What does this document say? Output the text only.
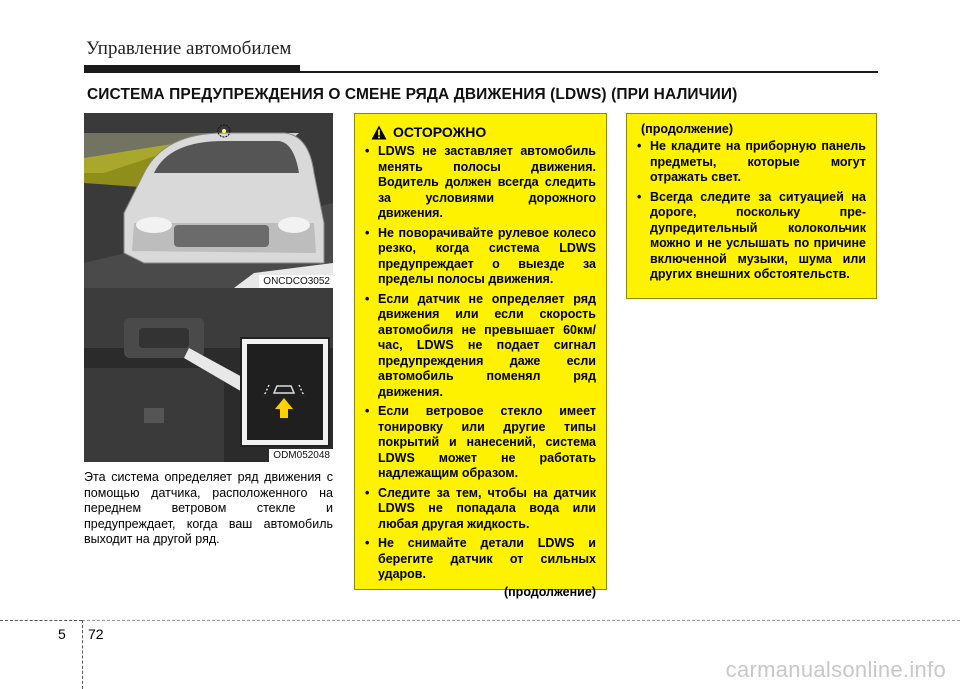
Управление автомобилем
СИСТЕМА ПРЕДУПРЕЖДЕНИЯ О СМЕНЕ РЯДА ДВИЖЕНИЯ (LDWS) (ПРИ НАЛИЧИИ)
ONCDCO3052
ODM052048
Эта система определяет ряд движения с помощью датчика, расположенного на переднем ветровом стекле и предупреждает, когда ваш автомобиль выходит на другой ряд.
ОСТОРОЖНО
• LDWS не заставляет автомобиль менять полосы движения. Водитель должен всегда следить за условиями дорожного движения.
• Не поворачивайте рулевое колесо резко, когда система LDWS предупреждает о выезде за пределы полосы движения.
• Если датчик не определяет ряд движения или если скорость автомобиля не превышает 60км/час, LDWS не подает сигнал предупреждения даже если автомобиль поменял ряд движения.
• Если ветровое стекло имеет тонировку или другие типы покрытий и нанесений, система LDWS может не работать надлежащим образом.
• Следите за тем, чтобы на датчик LDWS не попадала вода или любая другая жидкость.
• Не снимайте детали LDWS и берегите датчик от сильных ударов.
(продолжение)
(продолжение)
• Не кладите на приборную панель предметы, которые могут отражать свет.
• Всегда следите за ситуацией на дороге, поскольку пре-дупредительный колокольчик можно и не услышать по причине включенной музыки, шума или других внешних обстоятельств.
5 72
carmanualsonline.info
